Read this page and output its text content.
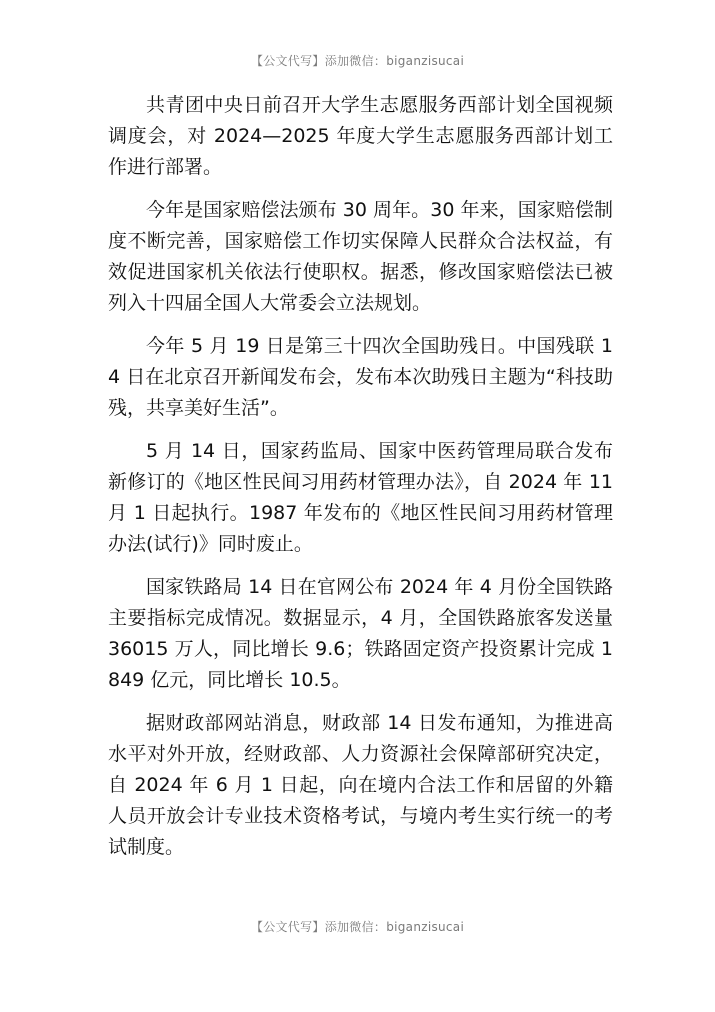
【公文代写】添加微信：biganzisucai

共青团中央日前召开大学生志愿服务西部计划全国视频调度会，对 2024—2025 年度大学生志愿服务西部计划工作进行部署。

今年是国家赔偿法颁布 30 周年。30 年来，国家赔偿制度不断完善，国家赔偿工作切实保障人民群众合法权益，有效促进国家机关依法行使职权。据悉，修改国家赔偿法已被列入十四届全国人大常委会立法规划。

今年 5 月 19 日是第三十四次全国助残日。中国残联 14 日在北京召开新闻发布会，发布本次助残日主题为“科技助残，共享美好生活”。

5 月 14 日，国家药监局、国家中医药管理局联合发布新修订的《地区性民间习用药材管理办法》，自 2024 年 11 月 1 日起执行。1987 年发布的《地区性民间习用药材管理办法(试行)》同时废止。

国家铁路局 14 日在官网公布 2024 年 4 月份全国铁路主要指标完成情况。数据显示，4 月，全国铁路旅客发送量 36015 万人，同比增长 9.6；铁路固定资产投资累计完成 1849 亿元，同比增长 10.5。

据财政部网站消息，财政部 14 日发布通知，为推进高水平对外开放，经财政部、人力资源社会保障部研究决定，自 2024 年 6 月 1 日起，向在境内合法工作和居留的外籍人员开放会计专业技术资格考试，与境内考生实行统一的考试制度。

【公文代写】添加微信：biganzisucai
